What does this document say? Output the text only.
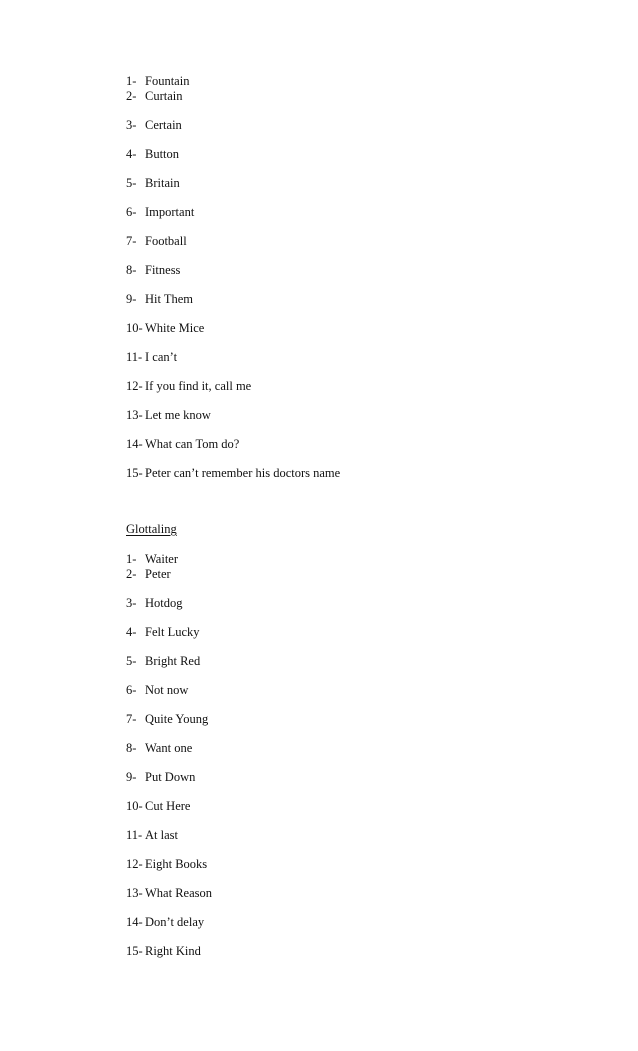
1- Fountain
2- Curtain
3- Certain
4- Button
5- Britain
6- Important
7- Football
8- Fitness
9- Hit Them
10- White Mice
11- I can’t
12- If you find it, call me
13- Let me know
14- What can Tom do?
15- Peter can’t remember his doctors name
Glottaling
1- Waiter
2- Peter
3- Hotdog
4- Felt Lucky
5- Bright Red
6- Not now
7- Quite Young
8- Want one
9- Put Down
10- Cut Here
11- At last
12- Eight Books
13- What Reason
14- Don’t delay
15- Right Kind
